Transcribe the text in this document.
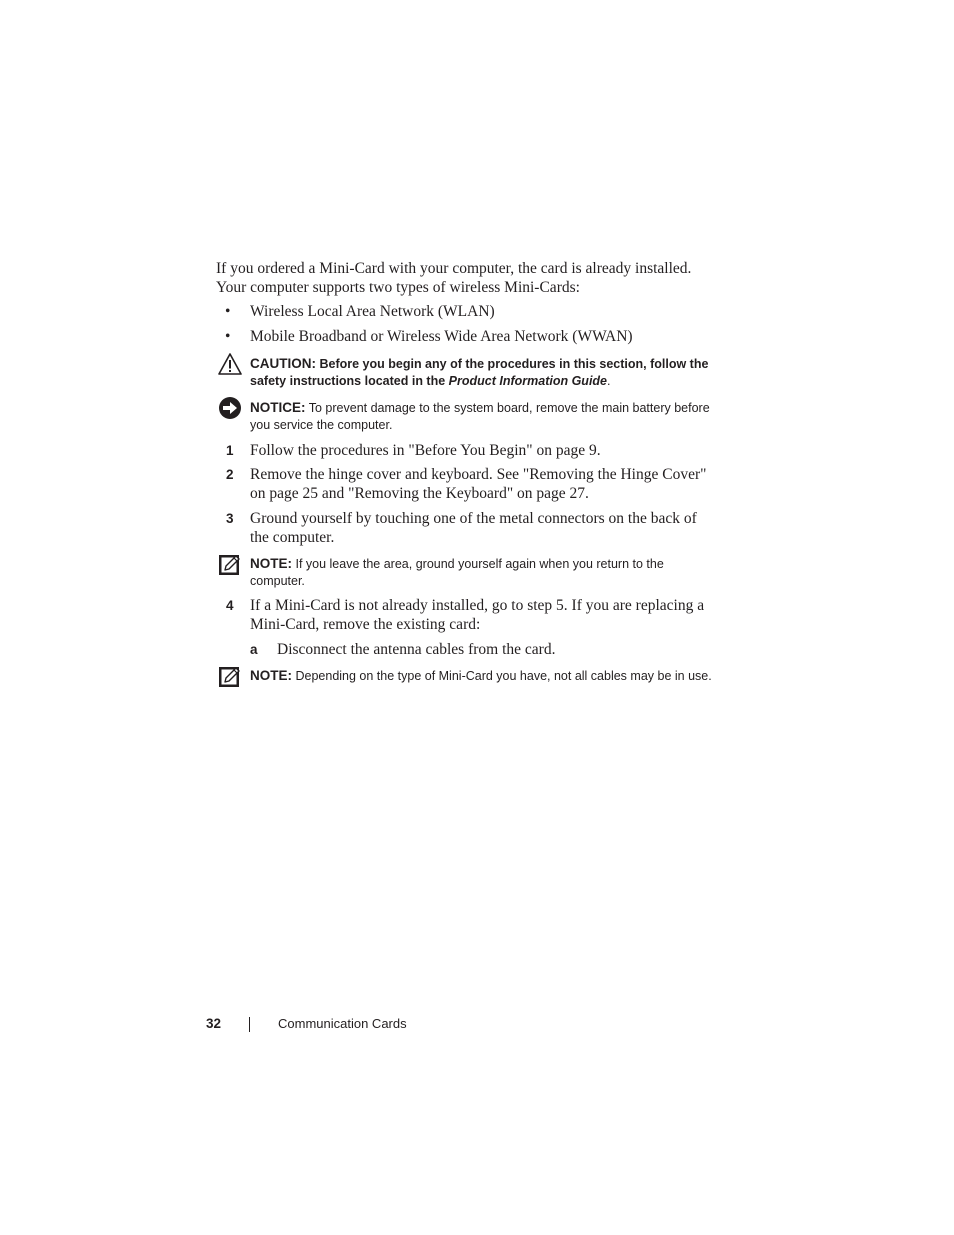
If you ordered a Mini-Card with your computer, the card is already installed.
Your computer supports two types of wireless Mini-Cards:
• Wireless Local Area Network (WLAN)
• Mobile Broadband or Wireless Wide Area Network (WWAN)
CAUTION: Before you begin any of the procedures in this section, follow the
safety instructions located in the Product Information Guide.
NOTICE: To prevent damage to the system board, remove the main battery before
you service the computer.
1 Follow the procedures in "Before You Begin" on page 9.
2 Remove the hinge cover and keyboard. See "Removing the Hinge Cover"
on page 25 and "Removing the Keyboard" on page 27.
3 Ground yourself by touching one of the metal connectors on the back of
the computer.
NOTE: If you leave the area, ground yourself again when you return to the
computer.
4 If a Mini-Card is not already installed, go to step 5. If you are replacing a
Mini-Card, remove the existing card:
a Disconnect the antenna cables from the card.
NOTE: Depending on the type of Mini-Card you have, not all cables may be in use.
32	Communication Cards
